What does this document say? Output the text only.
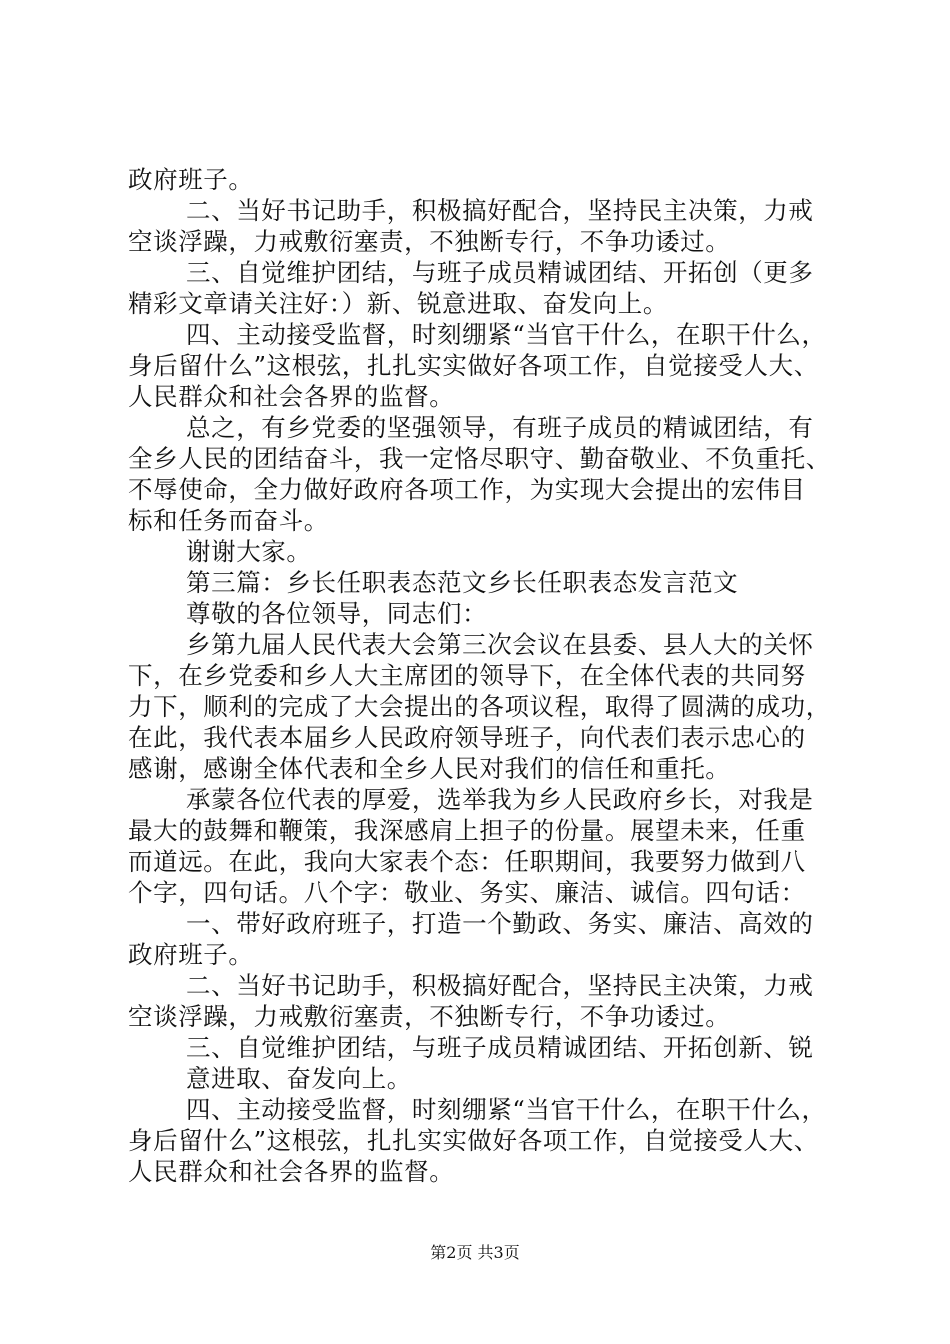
政府班子。
二、当好书记助手，积极搞好配合，坚持民主决策，力戒
空谈浮躁，力戒敷衍塞责，不独断专行，不争功诿过。
三、自觉维护团结，与班子成员精诚团结、开拓创（更多
精彩文章请关注好：）新、锐意进取、奋发向上。
四、主动接受监督，时刻绷紧“当官干什么，在职干什么，
身后留什么”这根弦，扎扎实实做好各项工作，自觉接受人大、
人民群众和社会各界的监督。
总之，有乡党委的坚强领导，有班子成员的精诚团结，有
全乡人民的团结奋斗，我一定恪尽职守、勤奋敬业、不负重托、
不辱使命，全力做好政府各项工作，为实现大会提出的宏伟目
标和任务而奋斗。
谢谢大家。
第三篇：乡长任职表态范文乡长任职表态发言范文
尊敬的各位领导，同志们：
乡第九届人民代表大会第三次会议在县委、县人大的关怀
下，在乡党委和乡人大主席团的领导下，在全体代表的共同努
力下，顺利的完成了大会提出的各项议程，取得了圆满的成功，
在此，我代表本届乡人民政府领导班子，向代表们表示忠心的
感谢，感谢全体代表和全乡人民对我们的信任和重托。
承蒙各位代表的厚爱，选举我为乡人民政府乡长，对我是
最大的鼓舞和鞭策，我深感肩上担子的份量。展望未来，任重
而道远。在此，我向大家表个态：任职期间，我要努力做到八
个字，四句话。八个字：敬业、务实、廉洁、诚信。四句话：
一、带好政府班子，打造一个勤政、务实、廉洁、高效的
政府班子。
二、当好书记助手，积极搞好配合，坚持民主决策，力戒
空谈浮躁，力戒敷衍塞责，不独断专行，不争功诿过。
三、自觉维护团结，与班子成员精诚团结、开拓创新、锐
意进取、奋发向上。
四、主动接受监督，时刻绷紧“当官干什么，在职干什么，
身后留什么”这根弦，扎扎实实做好各项工作，自觉接受人大、
人民群众和社会各界的监督。
第2页 共3页
